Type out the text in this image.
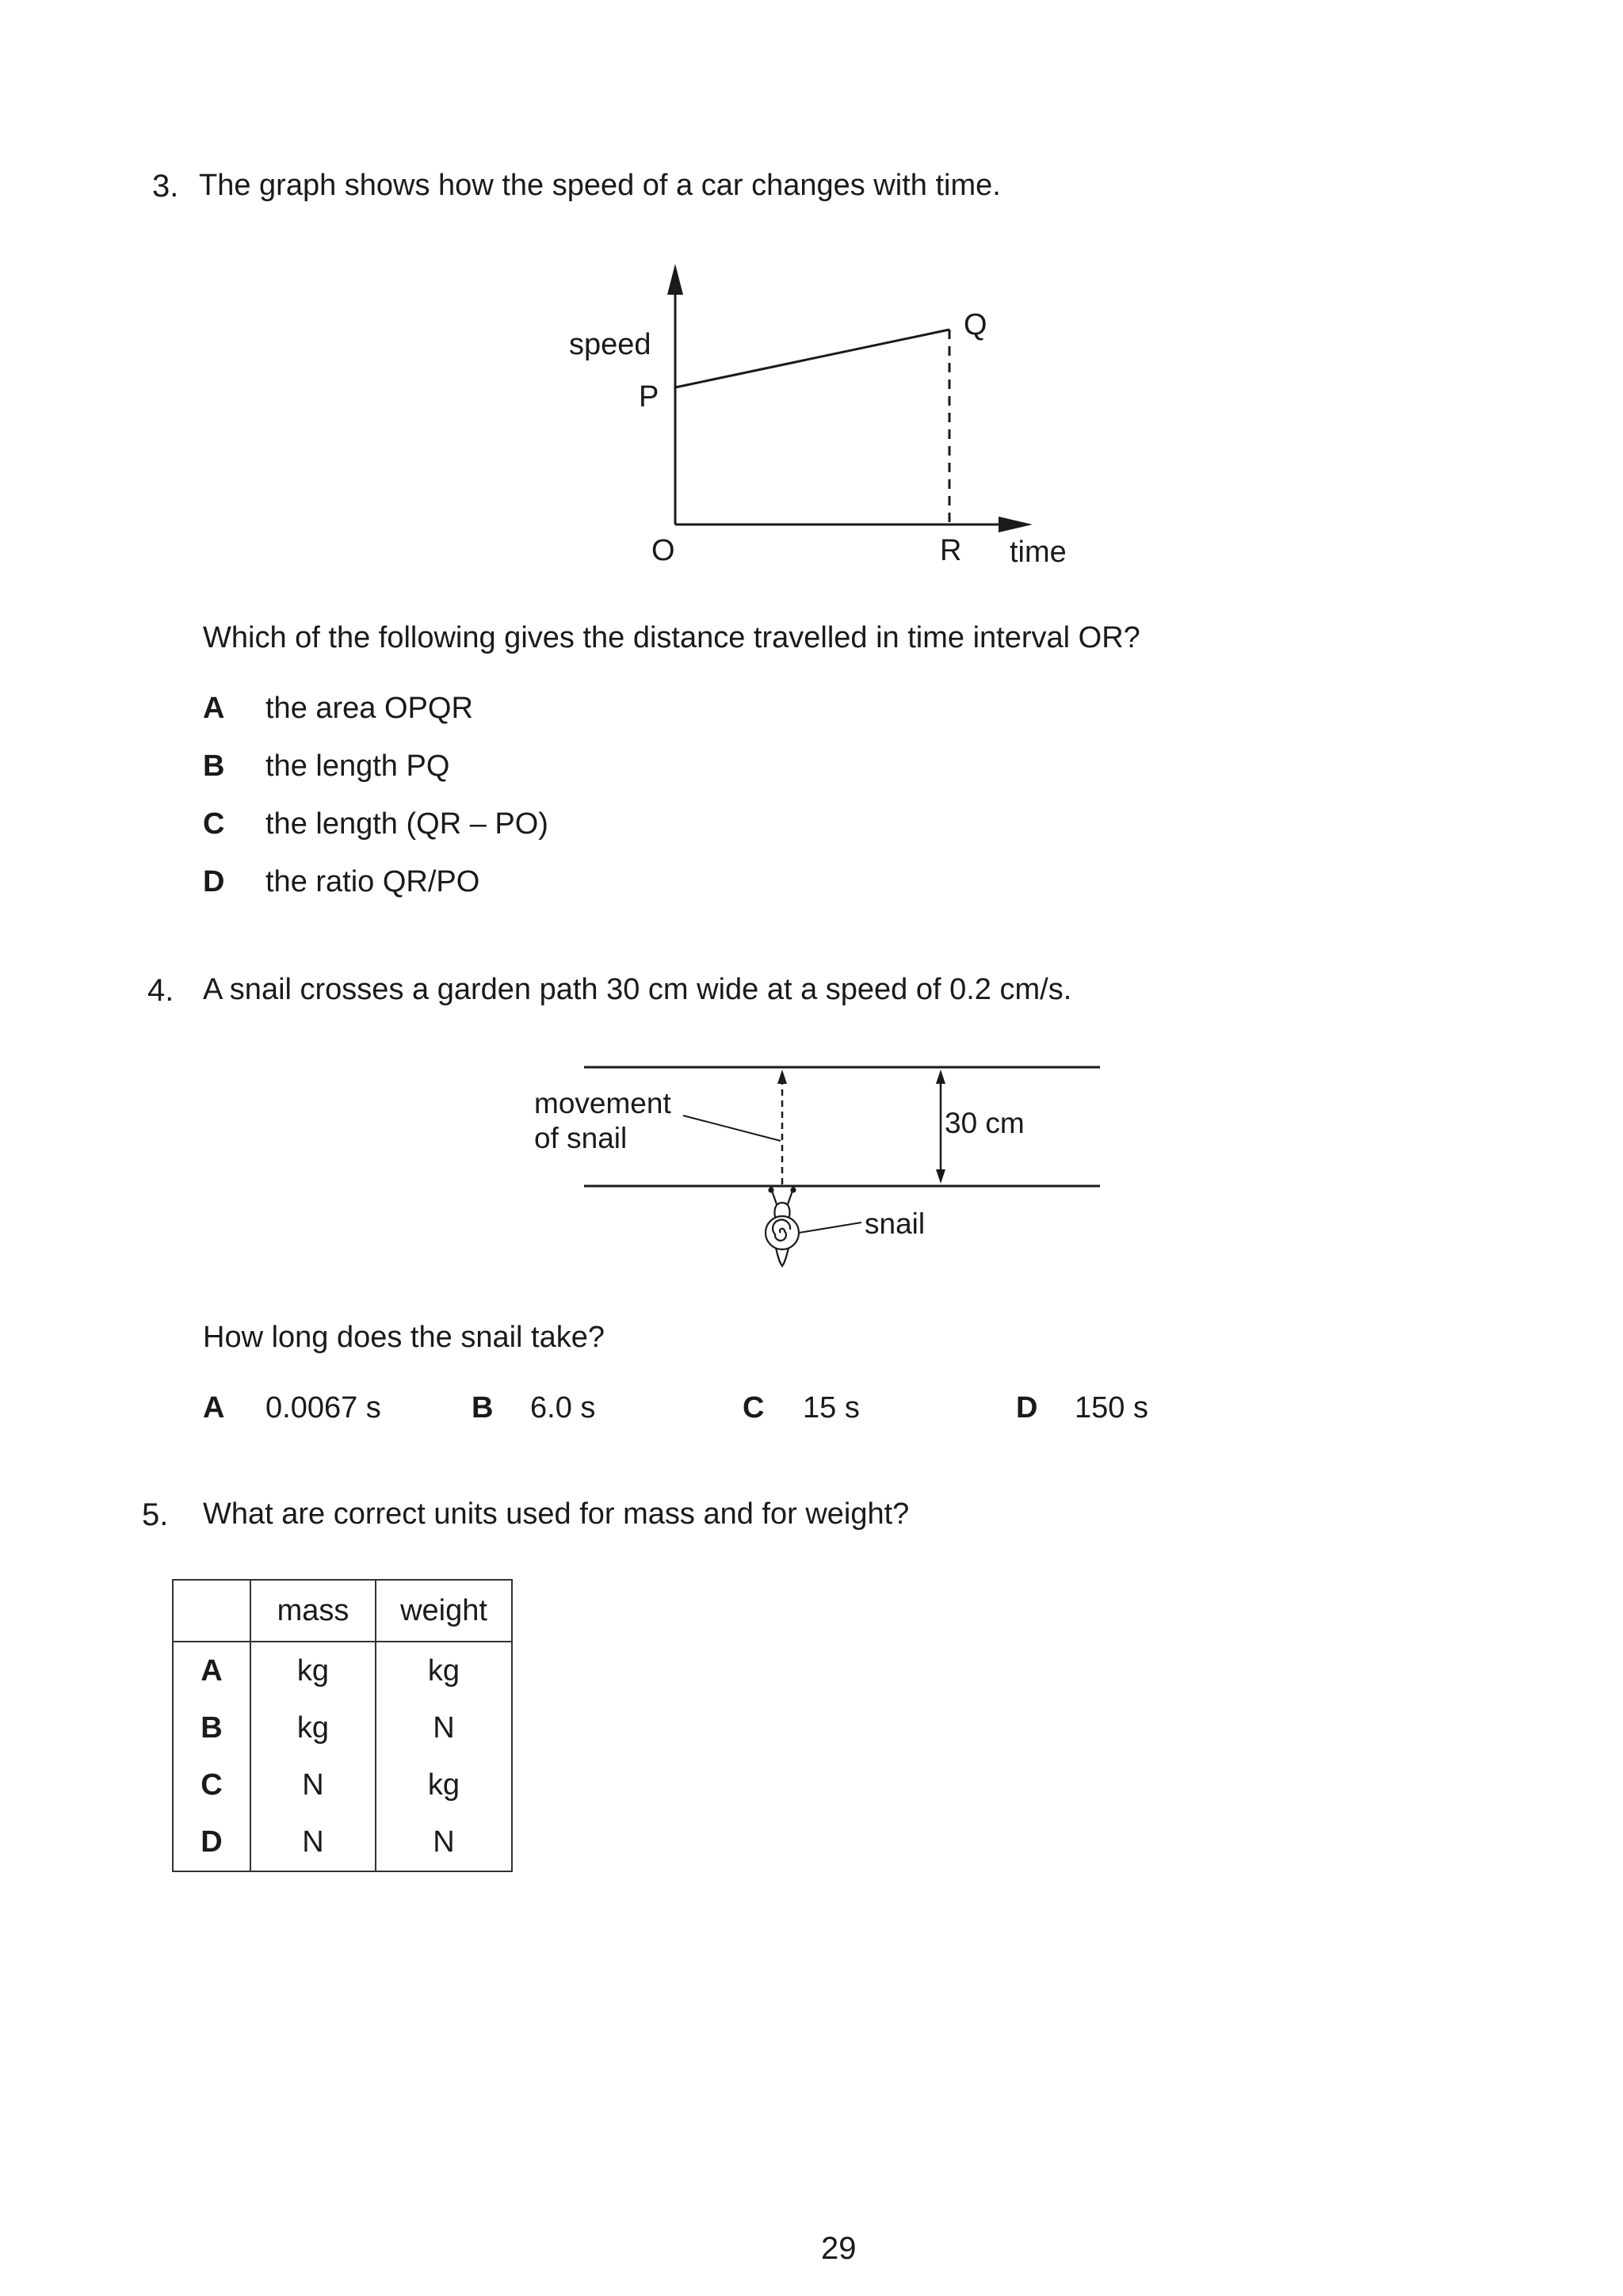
3. The graph shows how the speed of a car changes with time.
speed
P
Q
O	R time
Which of the following gives the distance travelled in time interval OR?
A the area OPQR
B the length PQ
C the length (QR – PO)
D the ratio QR/PO
4. A snail crosses a garden path 30 cm wide at a speed of 0.2 cm/s.
movement
of snail	30 cm
snail
How long does the snail take?
A 0.0067 s	B 6.0 s	C 15 s	D 150 s
5. What are correct units used for mass and for weight?
	mass	weight
A	kg	kg
B	kg	N
C	N	kg
D	N	N
29
